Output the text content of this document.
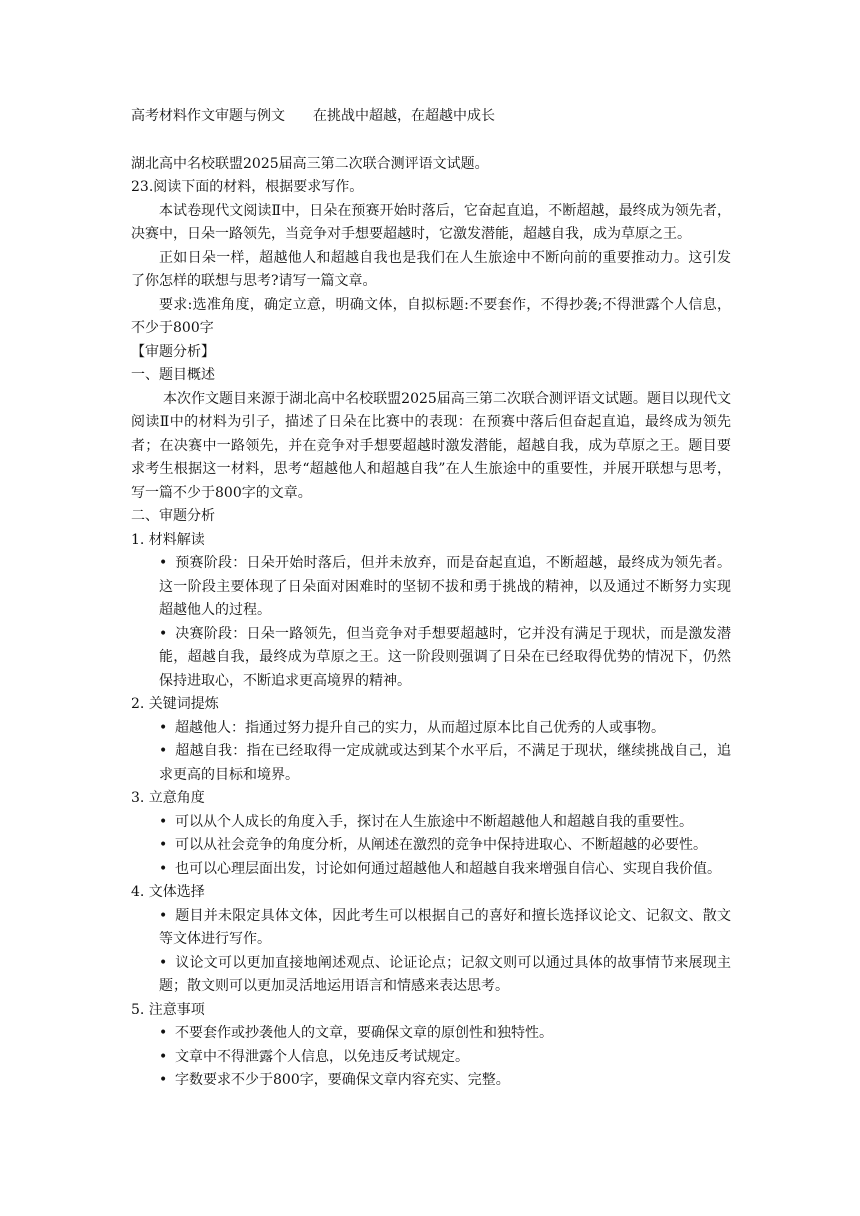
高考材料作文审题与例文　　在挑战中超越，在超越中成长

湖北高中名校联盟2025届高三第二次联合测评语文试题。

23.阅读下面的材料，根据要求写作。

本试卷现代文阅读Ⅱ中，日朵在预赛开始时落后，它奋起直追，不断超越，最终成为领先者，决赛中，日朵一路领先，当竞争对手想要超越时，它激发潜能，超越自我，成为草原之王。

正如日朵一样，超越他人和超越自我也是我们在人生旅途中不断向前的重要推动力。这引发了你怎样的联想与思考?请写一篇文章。

要求:选准角度，确定立意，明确文体，自拟标题:不要套作，不得抄袭;不得泄露个人信息，不少于800字

【审题分析】

一、题目概述

本次作文题目来源于湖北高中名校联盟2025届高三第二次联合测评语文试题。题目以现代文阅读Ⅱ中的材料为引子，描述了日朵在比赛中的表现：在预赛中落后但奋起直追，最终成为领先者；在决赛中一路领先，并在竞争对手想要超越时激发潜能，超越自我，成为草原之王。题目要求考生根据这一材料，思考“超越他人和超越自我”在人生旅途中的重要性，并展开联想与思考，写一篇不少于800字的文章。

二、审题分析

1. 材料解读

• 预赛阶段：日朵开始时落后，但并未放弃，而是奋起直追，不断超越，最终成为领先者。这一阶段主要体现了日朵面对困难时的坚韧不拔和勇于挑战的精神，以及通过不断努力实现超越他人的过程。

• 决赛阶段：日朵一路领先，但当竞争对手想要超越时，它并没有满足于现状，而是激发潜能，超越自我，最终成为草原之王。这一阶段则强调了日朵在已经取得优势的情况下，仍然保持进取心，不断追求更高境界的精神。

2. 关键词提炼

• 超越他人：指通过努力提升自己的实力，从而超过原本比自己优秀的人或事物。

• 超越自我：指在已经取得一定成就或达到某个水平后，不满足于现状，继续挑战自己，追求更高的目标和境界。

3. 立意角度

• 可以从个人成长的角度入手，探讨在人生旅途中不断超越他人和超越自我的重要性。

• 可以从社会竞争的角度分析，从阐述在激烈的竞争中保持进取心、不断超越的必要性。

• 也可以心理层面出发，讨论如何通过超越他人和超越自我来增强自信心、实现自我价值。

4. 文体选择

• 题目并未限定具体文体，因此考生可以根据自己的喜好和擅长选择议论文、记叙文、散文等文体进行写作。

• 议论文可以更加直接地阐述观点、论证论点；记叙文则可以通过具体的故事情节来展现主题；散文则可以更加灵活地运用语言和情感来表达思考。

5. 注意事项

• 不要套作或抄袭他人的文章，要确保文章的原创性和独特性。

• 文章中不得泄露个人信息，以免违反考试规定。

• 字数要求不少于800字，要确保文章内容充实、完整。
